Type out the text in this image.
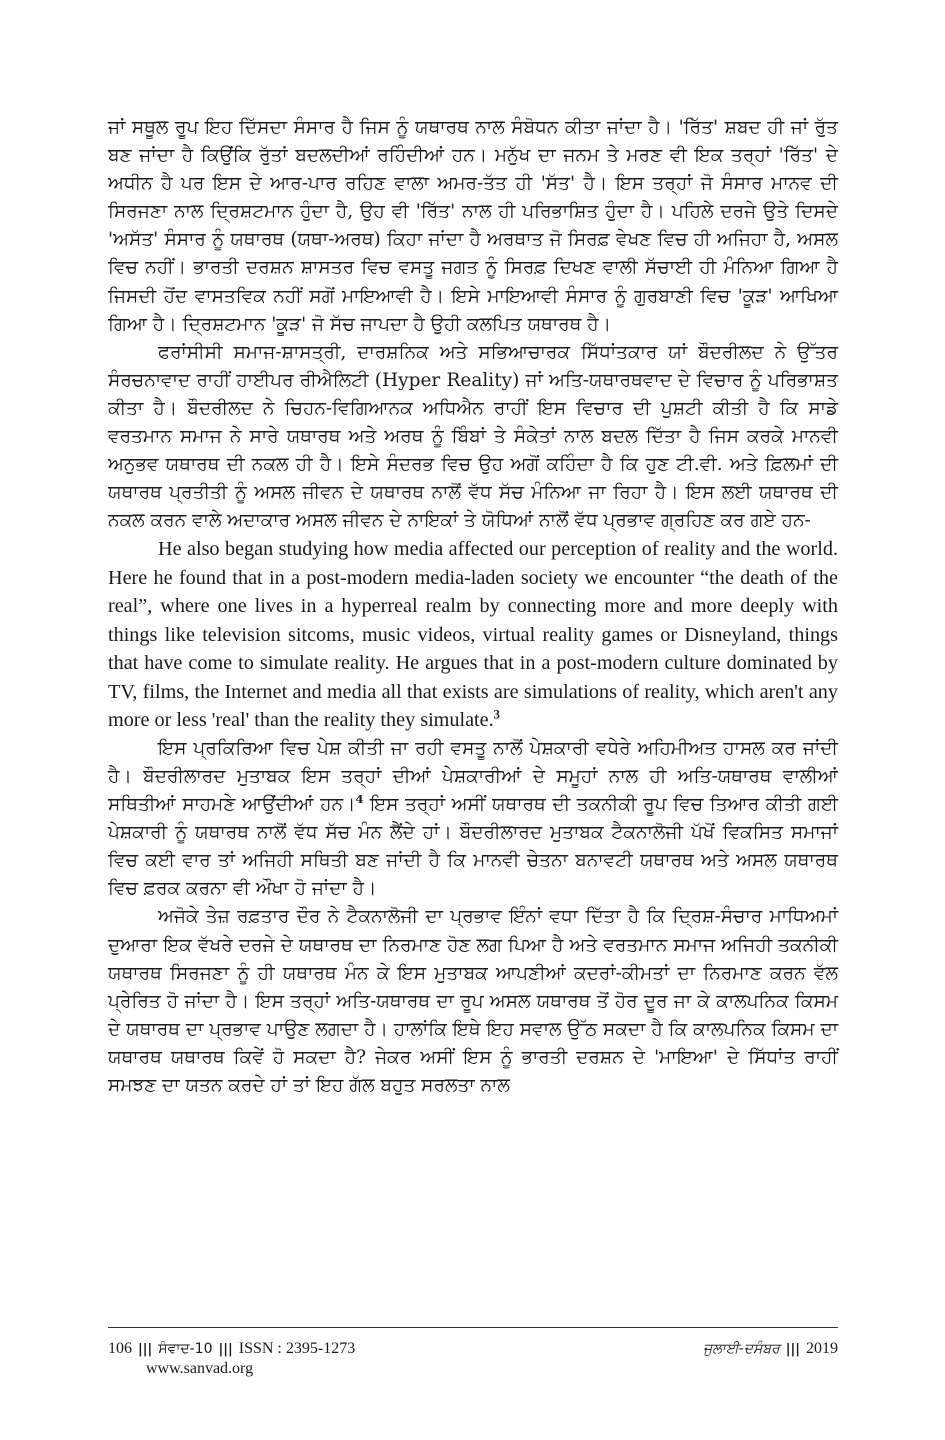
ਜਾਂ ਸਥੂਲ ਰੂਪ ਇਹ ਦਿੱਸਦਾ ਸੰਸਾਰ ਹੈ ਜਿਸ ਨੂੰ ਯਥਾਰਥ ਨਾਲ ਸੰਬੋਧਨ ਕੀਤਾ ਜਾਂਦਾ ਹੈ। 'ਰਿੱਤ' ਸ਼ਬਦ ਹੀ ਜਾਂ ਰੁੱਤ ਬਣ ਜਾਂਦਾ ਹੈ ਕਿਉਂਕਿ ਰੁੱਤਾਂ ਬਦਲਦੀਆਂ ਰਹਿੰਦੀਆਂ ਹਨ। ਮਨੁੱਖ ਦਾ ਜਨਮ ਤੇ ਮਰਣ ਵੀ ਇਕ ਤਰ੍ਹਾਂ 'ਰਿੱਤ' ਦੇ ਅਧੀਨ ਹੈ ਪਰ ਇਸ ਦੇ ਆਰ-ਪਾਰ ਰਹਿਣ ਵਾਲਾ ਅਮਰ-ਤੱਤ ਹੀ 'ਸੱਤ' ਹੈ। ਇਸ ਤਰ੍ਹਾਂ ਜੋ ਸੰਸਾਰ ਮਾਨਵ ਦੀ ਸਿਰਜਣਾ ਨਾਲ ਦ੍ਰਿਸ਼ਟਮਾਨ ਹੁੰਦਾ ਹੈ, ਉਹ ਵੀ 'ਰਿੱਤ' ਨਾਲ ਹੀ ਪਰਿਭਾਸ਼ਿਤ ਹੁੰਦਾ ਹੈ। ਪਹਿਲੇ ਦਰਜੇ ਉਤੇ ਦਿਸਦੇ 'ਅਸੱਤ' ਸੰਸਾਰ ਨੂੰ ਯਥਾਰਥ (ਯਥਾ-ਅਰਥ) ਕਿਹਾ ਜਾਂਦਾ ਹੈ ਅਰਥਾਤ ਜੋ ਸਿਰਫ਼ ਵੇਖਣ ਵਿਚ ਹੀ ਅਜਿਹਾ ਹੈ, ਅਸਲ ਵਿਚ ਨਹੀਂ। ਭਾਰਤੀ ਦਰਸ਼ਨ ਸ਼ਾਸਤਰ ਵਿਚ ਵਸਤੂ ਜਗਤ ਨੂੰ ਸਿਰਫ਼ ਦਿਖਣ ਵਾਲੀ ਸੱਚਾਈ ਹੀ ਮੰਨਿਆ ਗਿਆ ਹੈ ਜਿਸਦੀ ਹੋਂਦ ਵਾਸਤਵਿਕ ਨਹੀਂ ਸਗੋਂ ਮਾਇਆਵੀ ਹੈ। ਇਸੇ ਮਾਇਆਵੀ ਸੰਸਾਰ ਨੂੰ ਗੁਰਬਾਣੀ ਵਿਚ 'ਕੂੜ' ਆਖਿਆ ਗਿਆ ਹੈ। ਦ੍ਰਿਸ਼ਟਮਾਨ 'ਕੂੜ' ਜੋ ਸੱਚ ਜਾਪਦਾ ਹੈ ਉਹੀ ਕਲਪਿਤ ਯਥਾਰਥ ਹੈ।

ਫਰਾਂਸੀਸੀ ਸਮਾਜ-ਸ਼ਾਸਤ੍ਰੀ, ਦਾਰਸ਼ਨਿਕ ਅਤੇ ਸਭਿਆਚਾਰਕ ਸਿੱਧਾਂਤਕਾਰ ਯਾਂ ਬੌਦਰੀਲਦ ਨੇ ਉੱਤਰ ਸੰਰਚਨਾਵਾਦ ਰਾਹੀਂ ਹਾਈਪਰ ਰੀਐਲਿਟੀ (Hyper Reality) ਜਾਂ ਅਤਿ-ਯਥਾਰਥਵਾਦ ਦੇ ਵਿਚਾਰ ਨੂੰ ਪਰਿਭਾਸ਼ਤ ਕੀਤਾ ਹੈ। ਬੌਦਰੀਲਦ ਨੇ ਚਿਹਨ-ਵਿਗਿਆਨਕ ਅਧਿਐਨ ਰਾਹੀਂ ਇਸ ਵਿਚਾਰ ਦੀ ਪੁਸ਼ਟੀ ਕੀਤੀ ਹੈ ਕਿ ਸਾਡੇ ਵਰਤਮਾਨ ਸਮਾਜ ਨੇ ਸਾਰੇ ਯਥਾਰਥ ਅਤੇ ਅਰਥ ਨੂੰ ਬਿੰਬਾਂ ਤੇ ਸੰਕੇਤਾਂ ਨਾਲ ਬਦਲ ਦਿੱਤਾ ਹੈ ਜਿਸ ਕਰਕੇ ਮਾਨਵੀ ਅਨੁਭਵ ਯਥਾਰਥ ਦੀ ਨਕਲ ਹੀ ਹੈ। ਇਸੇ ਸੰਦਰਭ ਵਿਚ ਉਹ ਅਗੋਂ ਕਹਿੰਦਾ ਹੈ ਕਿ ਹੁਣ ਟੀ.ਵੀ. ਅਤੇ ਫ਼ਿਲਮਾਂ ਦੀ ਯਥਾਰਥ ਪ੍ਰਤੀਤੀ ਨੂੰ ਅਸਲ ਜੀਵਨ ਦੇ ਯਥਾਰਥ ਨਾਲੋਂ ਵੱਧ ਸੱਚ ਮੰਨਿਆ ਜਾ ਰਿਹਾ ਹੈ। ਇਸ ਲਈ ਯਥਾਰਥ ਦੀ ਨਕਲ ਕਰਨ ਵਾਲੇ ਅਦਾਕਾਰ ਅਸਲ ਜੀਵਨ ਦੇ ਨਾਇਕਾਂ ਤੇ ਯੋਧਿਆਂ ਨਾਲੋਂ ਵੱਧ ਪ੍ਰਭਾਵ ਗ੍ਰਹਿਣ ਕਰ ਗਏ ਹਨ-

He also began studying how media affected our perception of reality and the world. Here he found that in a post-modern media-laden society we encounter “the death of the real”, where one lives in a hyperreal realm by connecting more and more deeply with things like television sitcoms, music videos, virtual reality games or Disneyland, things that have come to simulate reality. He argues that in a post-modern culture dominated by TV, films, the Internet and media all that exists are simulations of reality, which aren't any more or less 'real' than the reality they simulate.$^3$

ਇਸ ਪ੍ਰਕਿਰਿਆ ਵਿਚ ਪੇਸ਼ ਕੀਤੀ ਜਾ ਰਹੀ ਵਸਤੂ ਨਾਲੋਂ ਪੇਸ਼ਕਾਰੀ ਵਧੇਰੇ ਅਹਿਮੀਅਤ ਹਾਸਲ ਕਰ ਜਾਂਦੀ ਹੈ। ਬੌਦਰੀਲਾਰਦ ਮੁਤਾਬਕ ਇਸ ਤਰ੍ਹਾਂ ਦੀਆਂ ਪੇਸ਼ਕਾਰੀਆਂ ਦੇ ਸਮੂਹਾਂ ਨਾਲ ਹੀ ਅਤਿ-ਯਥਾਰਥ ਵਾਲੀਆਂ ਸਥਿਤੀਆਂ ਸਾਹਮਣੇ ਆਉਂਦੀਆਂ ਹਨ।$^4$ ਇਸ ਤਰ੍ਹਾਂ ਅਸੀਂ ਯਥਾਰਥ ਦੀ ਤਕਨੀਕੀ ਰੂਪ ਵਿਚ ਤਿਆਰ ਕੀਤੀ ਗਈ ਪੇਸ਼ਕਾਰੀ ਨੂੰ ਯਥਾਰਥ ਨਾਲੋਂ ਵੱਧ ਸੱਚ ਮੰਨ ਲੈਂਦੇ ਹਾਂ। ਬੌਦਰੀਲਾਰਦ ਮੁਤਾਬਕ ਟੈਕਨਾਲੋਜੀ ਪੱਖੋਂ ਵਿਕਸਿਤ ਸਮਾਜਾਂ ਵਿਚ ਕਈ ਵਾਰ ਤਾਂ ਅਜਿਹੀ ਸਥਿਤੀ ਬਣ ਜਾਂਦੀ ਹੈ ਕਿ ਮਾਨਵੀ ਚੇਤਨਾ ਬਨਾਵਟੀ ਯਥਾਰਥ ਅਤੇ ਅਸਲ ਯਥਾਰਥ ਵਿਚ ਫ਼ਰਕ ਕਰਨਾ ਵੀ ਔਖਾ ਹੋ ਜਾਂਦਾ ਹੈ।

ਅਜੋਕੇ ਤੇਜ਼ ਰਫ਼ਤਾਰ ਦੌਰ ਨੇ ਟੈਕਨਾਲੋਜੀ ਦਾ ਪ੍ਰਭਾਵ ਇੰਨਾਂ ਵਧਾ ਦਿੱਤਾ ਹੈ ਕਿ ਦ੍ਰਿਸ਼-ਸੰਚਾਰ ਮਾਧਿਅਮਾਂ ਦੁਆਰਾ ਇਕ ਵੱਖਰੇ ਦਰਜੇ ਦੇ ਯਥਾਰਥ ਦਾ ਨਿਰਮਾਣ ਹੋਣ ਲਗ ਪਿਆ ਹੈ ਅਤੇ ਵਰਤਮਾਨ ਸਮਾਜ ਅਜਿਹੀ ਤਕਨੀਕੀ ਯਥਾਰਥ ਸਿਰਜਣਾ ਨੂੰ ਹੀ ਯਥਾਰਥ ਮੰਨ ਕੇ ਇਸ ਮੁਤਾਬਕ ਆਪਣੀਆਂ ਕਦਰਾਂ-ਕੀਮਤਾਂ ਦਾ ਨਿਰਮਾਣ ਕਰਨ ਵੱਲ ਪ੍ਰੇਰਿਤ ਹੋ ਜਾਂਦਾ ਹੈ। ਇਸ ਤਰ੍ਹਾਂ ਅਤਿ-ਯਥਾਰਥ ਦਾ ਰੂਪ ਅਸਲ ਯਥਾਰਥ ਤੋਂ ਹੋਰ ਦੂਰ ਜਾ ਕੇ ਕਾਲਪਨਿਕ ਕਿਸਮ ਦੇ ਯਥਾਰਥ ਦਾ ਪ੍ਰਭਾਵ ਪਾਉਣ ਲਗਦਾ ਹੈ। ਹਾਲਾਂਕਿ ਇਥੇ ਇਹ ਸਵਾਲ ਉੱਠ ਸਕਦਾ ਹੈ ਕਿ ਕਾਲਪਨਿਕ ਕਿਸਮ ਦਾ ਯਥਾਰਥ ਯਥਾਰਥ ਕਿਵੇਂ ਹੋ ਸਕਦਾ ਹੈ? ਜੇਕਰ ਅਸੀਂ ਇਸ ਨੂੰ ਭਾਰਤੀ ਦਰਸ਼ਨ ਦੇ 'ਮਾਇਆ' ਦੇ ਸਿੱਧਾਂਤ ਰਾਹੀਂ ਸਮਝਣ ਦਾ ਯਤਨ ਕਰਦੇ ਹਾਂ ਤਾਂ ਇਹ ਗੱਲ ਬਹੁਤ ਸਰਲਤਾ ਨਾਲ

106 ||| ਸੰਵਾਦ-10 ||| ISSN : 2395-1273	ਜੁਲਾਈ-ਦਸੰਬਰ ||| 2019
www.sanvad.org
